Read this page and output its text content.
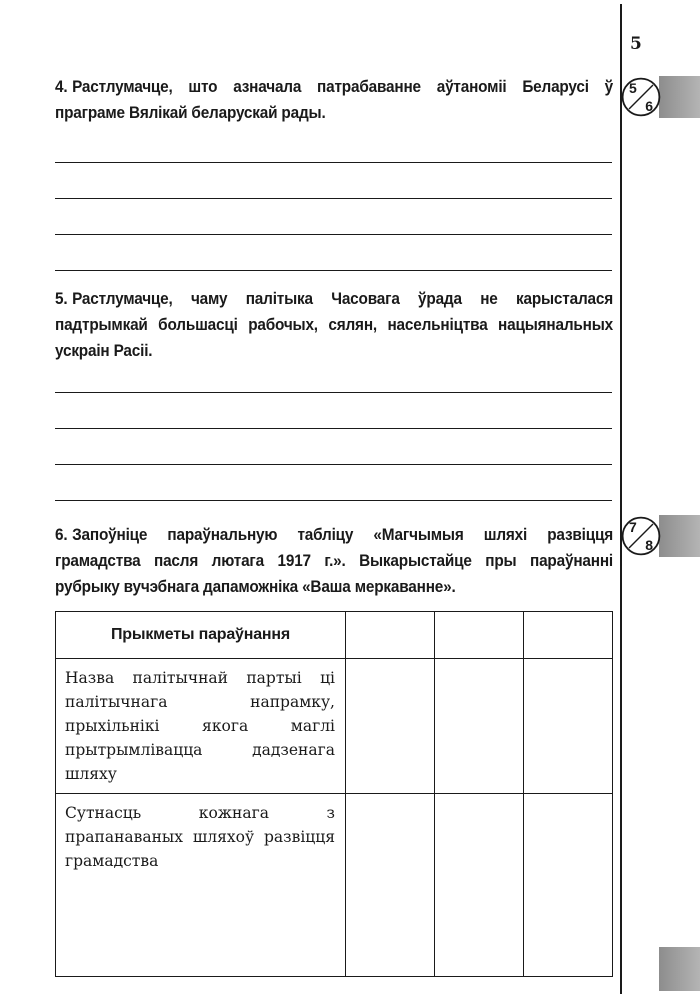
5

4. Растлумачце, што азначала патрабаванне аўтаноміі Беларусі ў праграме Вялікай беларускай рады.

5. Растлумачце, чаму палітыка Часовага ўрада не карысталася падтрымкай большасці рабочых, сялян, насельніцтва нацыянальных ускраін Расіі.

6. Запоўніце параўнальную табліцу «Магчымыя шляхі развіцця грамадства пасля лютага 1917 г.». Выкарыстайце пры параўнанні рубрыку вучэбнага дапаможніка «Ваша меркаванне».

5
6
7
8
Прыкметы параўнання			
Назва палітычнай партыі ці палітычнага напрамку, прыхільнікі якога маглі прытрымлівацца дадзенага шляху			
Сутнасць кожнага з прапанаваных шляхоў развіцця грамадства			
